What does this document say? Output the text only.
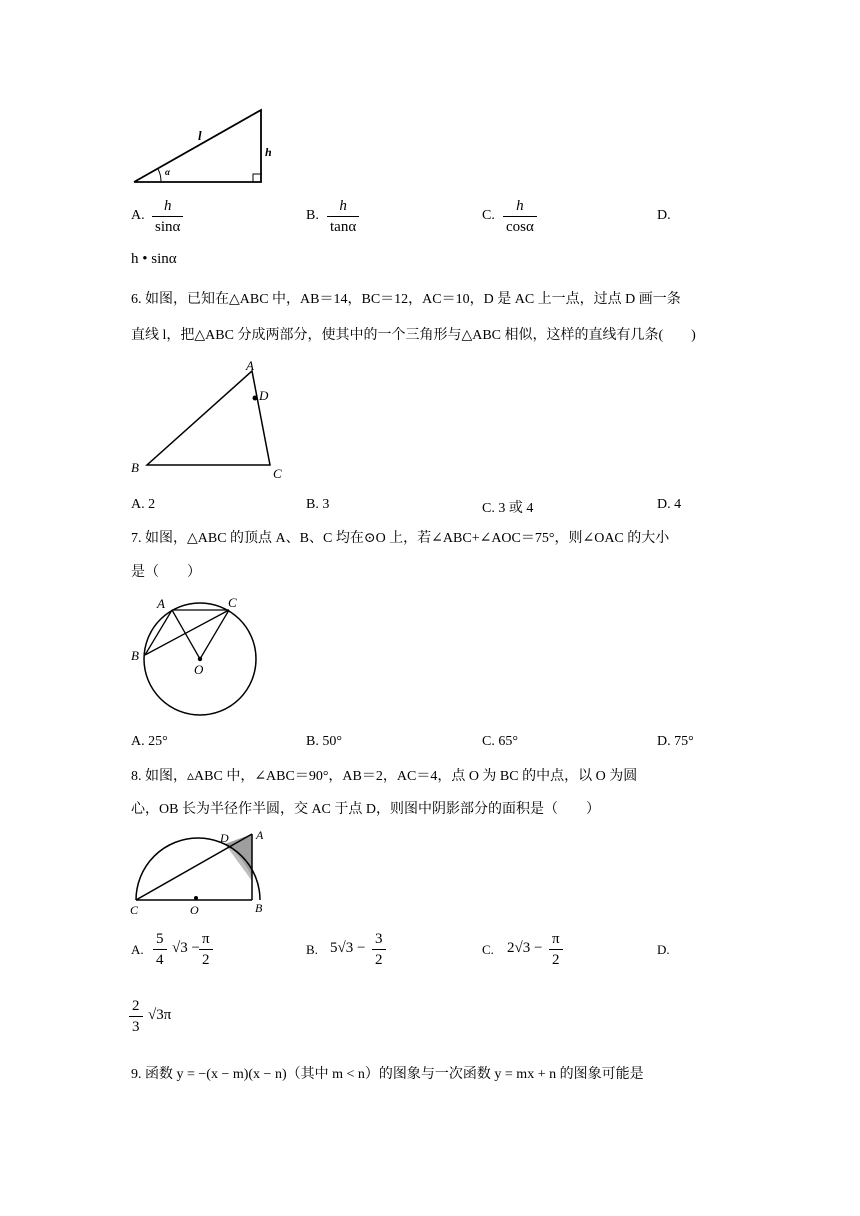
l
h
α
A. $\frac{h}{\sin\alpha}$	B. $\frac{h}{\tan\alpha}$	C. $\frac{h}{\cos\alpha}$	D.
h • sinα
6. 如图，已知在△ABC 中，AB＝14，BC＝12，AC＝10，D 是 AC 上一点，过点 D 画一条
直线 l，把△ABC 分成两部分，使其中的一个三角形与△ABC 相似，这样的直线有几条(　　)
A
D
B	C
A. 2	B. 3	C. 3 或 4	D. 4
7. 如图，△ABC 的顶点 A、B、C 均在⊙O 上，若∠ABC+∠AOC＝75°，则∠OAC 的大小
是（　　）
A	C
B
O
A. 25°	B. 50°	C. 65°	D. 75°
8. 如图，▵ABC 中，∠ABC＝90°，AB＝2，AC＝4，点 O 为 BC 的中点，以 O 为圆
心，OB 长为半径作半圆，交 AC 于点 D，则图中阴影部分的面积是（　　）
D A
C	O	B
A. $\frac{5}{4} √3 - \frac{\pi}{2}$	B. $5√3 - \frac{3}{2}$	C. $2√3 - \frac{\pi}{2}$	D.
$\frac{2}{3} √3\pi$
9. 函数 y = −(x − m)(x − n)（其中 m < n）的图象与一次函数 y = mx + n 的图象可能是
